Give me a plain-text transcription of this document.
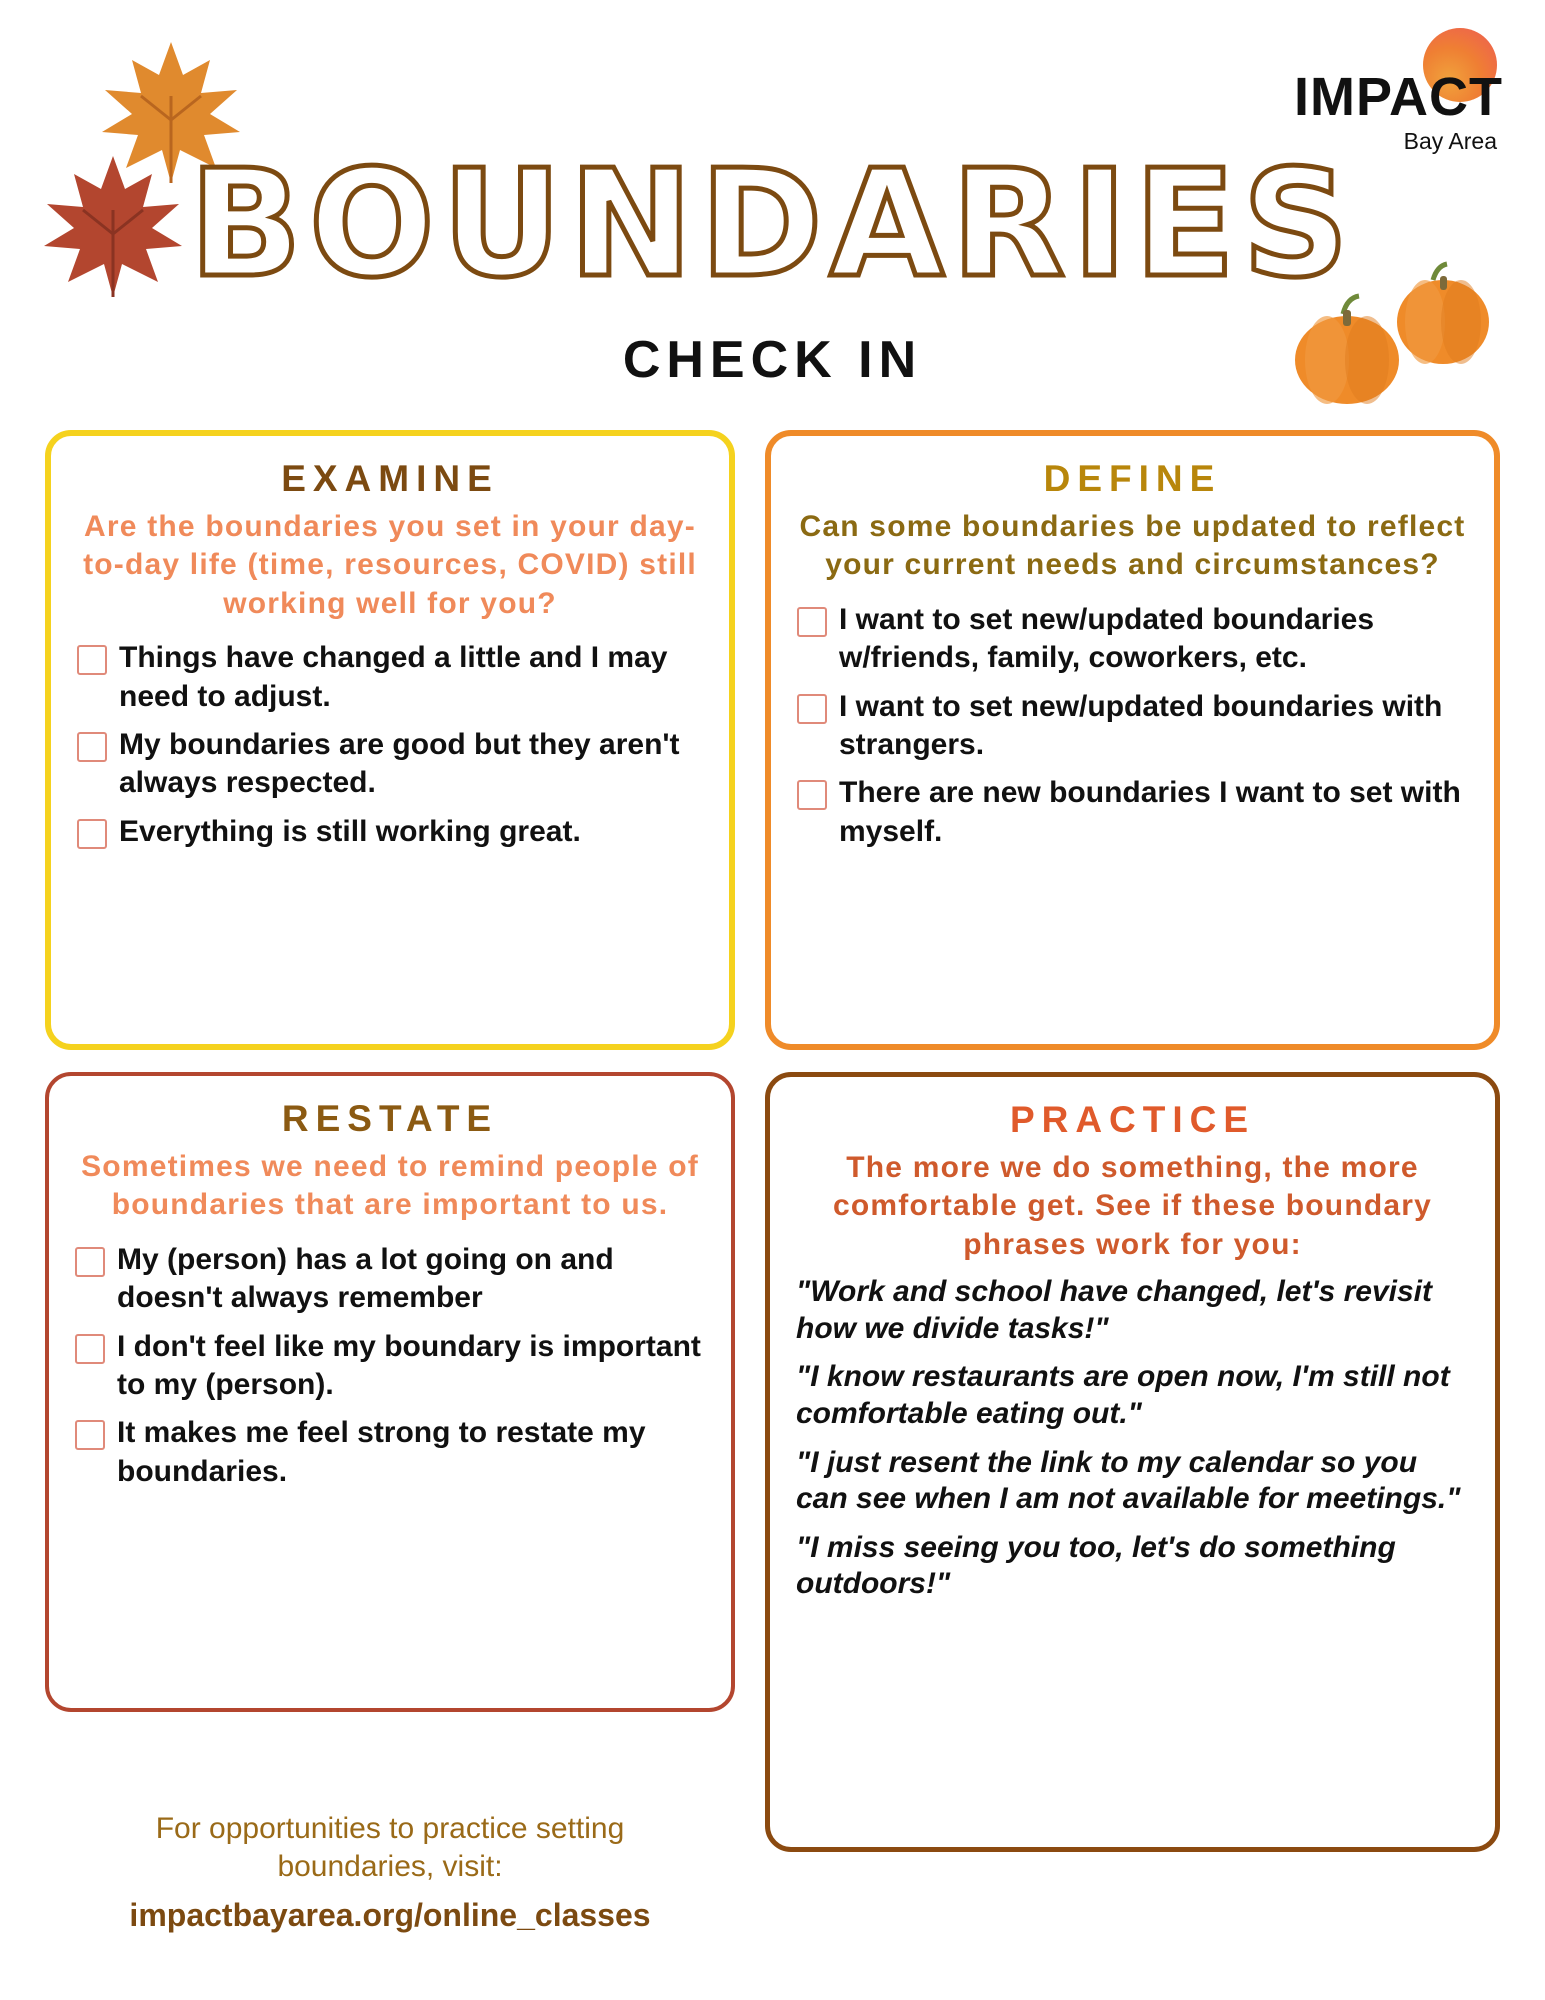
IMPACT
Bay Area
BOUNDARIES
CHECK IN
EXAMINE
Are the boundaries you set in your day-to-day life (time, resources, COVID) still working well for you?
Things have changed a little and I may need to adjust.
My boundaries are good but they aren't always respected.
Everything is still working great.
DEFINE
Can some boundaries be updated to reflect your current needs and circumstances?
I want to set new/updated boundaries w/friends, family, coworkers, etc.
I want to set new/updated boundaries with strangers.
There are new boundaries I want to set with myself.
RESTATE
Sometimes we need to remind people of boundaries that are important to us.
My (person) has a lot going on and doesn't always remember
I don't feel like my boundary is important to my (person).
It makes me feel strong to restate my boundaries.
PRACTICE
The more we do something, the more comfortable get. See if these boundary phrases work for you:
"Work and school have changed, let's revisit how we divide tasks!"
"I know restaurants are open now, I'm still not comfortable eating out."
"I just resent the link to my calendar so you can see when I am not available for meetings."
"I miss seeing you too, let's do something outdoors!"
For opportunities to practice setting
boundaries, visit:
impactbayarea.org/online_classes
